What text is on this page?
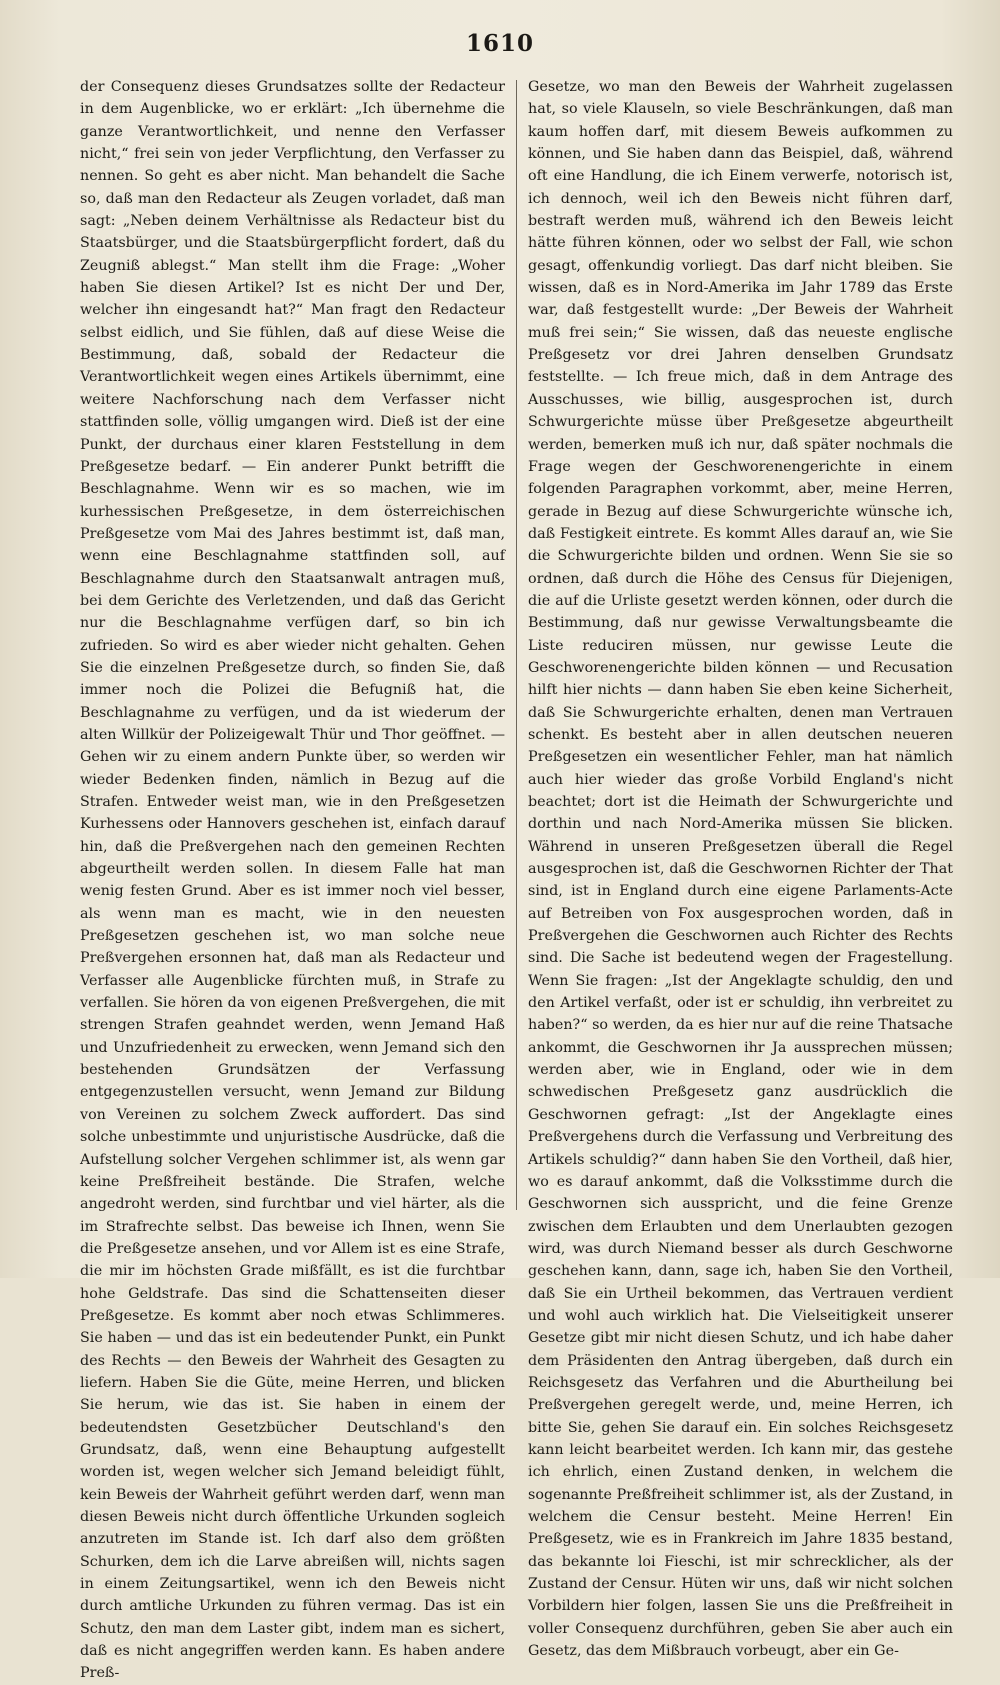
1610

der Consequenz dieses Grundsatzes sollte der Redacteur in dem Augenblicke, wo er erklärt: „Ich übernehme die ganze Verantwortlichkeit, und nenne den Verfasser nicht,“ frei sein von jeder Verpflichtung, den Verfasser zu nennen. So geht es aber nicht. Man behandelt die Sache so, daß man den Redacteur als Zeugen vorladet, daß man sagt: „Neben deinem Verhältnisse als Redacteur bist du Staatsbürger, und die Staatsbürgerpflicht fordert, daß du Zeugniß ablegst.“ Man stellt ihm die Frage: „Woher haben Sie diesen Artikel? Ist es nicht Der und Der, welcher ihn eingesandt hat?“ Man fragt den Redacteur selbst eidlich, und Sie fühlen, daß auf diese Weise die Bestimmung, daß, sobald der Redacteur die Verantwortlichkeit wegen eines Artikels übernimmt, eine weitere Nachforschung nach dem Verfasser nicht stattfinden solle, völlig umgangen wird. Dieß ist der eine Punkt, der durchaus einer klaren Feststellung in dem Preßgesetze bedarf. — Ein anderer Punkt betrifft die Beschlagnahme. Wenn wir es so machen, wie im kurhessischen Preßgesetze, in dem österreichischen Preßgesetze vom Mai des Jahres bestimmt ist, daß man, wenn eine Beschlagnahme stattfinden soll, auf Beschlagnahme durch den Staatsanwalt antragen muß, bei dem Gerichte des Verletzenden, und daß das Gericht nur die Beschlagnahme verfügen darf, so bin ich zufrieden. So wird es aber wieder nicht gehalten. Gehen Sie die einzelnen Preßgesetze durch, so finden Sie, daß immer noch die Polizei die Befugniß hat, die Beschlagnahme zu verfügen, und da ist wiederum der alten Willkür der Polizeigewalt Thür und Thor geöffnet. — Gehen wir zu einem andern Punkte über, so werden wir wieder Bedenken finden, nämlich in Bezug auf die Strafen. Entweder weist man, wie in den Preßgesetzen Kurhessens oder Hannovers geschehen ist, einfach darauf hin, daß die Preßvergehen nach den gemeinen Rechten abgeurtheilt werden sollen. In diesem Falle hat man wenig festen Grund. Aber es ist immer noch viel besser, als wenn man es macht, wie in den neuesten Preßgesetzen geschehen ist, wo man solche neue Preßvergehen ersonnen hat, daß man als Redacteur und Verfasser alle Augenblicke fürchten muß, in Strafe zu verfallen. Sie hören da von eigenen Preßvergehen, die mit strengen Strafen geahndet werden, wenn Jemand Haß und Unzufriedenheit zu erwecken, wenn Jemand sich den bestehenden Grundsätzen der Verfassung entgegenzustellen versucht, wenn Jemand zur Bildung von Vereinen zu solchem Zweck auffordert. Das sind solche unbestimmte und unjuristische Ausdrücke, daß die Aufstellung solcher Vergehen schlimmer ist, als wenn gar keine Preßfreiheit bestände. Die Strafen, welche angedroht werden, sind furchtbar und viel härter, als die im Strafrechte selbst. Das beweise ich Ihnen, wenn Sie die Preßgesetze ansehen, und vor Allem ist es eine Strafe, die mir im höchsten Grade mißfällt, es ist die furchtbar hohe Geldstrafe. Das sind die Schattenseiten dieser Preßgesetze. Es kommt aber noch etwas Schlimmeres. Sie haben — und das ist ein bedeutender Punkt, ein Punkt des Rechts — den Beweis der Wahrheit des Gesagten zu liefern. Haben Sie die Güte, meine Herren, und blicken Sie herum, wie das ist. Sie haben in einem der bedeutendsten Gesetzbücher Deutschland's den Grundsatz, daß, wenn eine Behauptung aufgestellt worden ist, wegen welcher sich Jemand beleidigt fühlt, kein Beweis der Wahrheit geführt werden darf, wenn man diesen Beweis nicht durch öffentliche Urkunden sogleich anzutreten im Stande ist. Ich darf also dem größten Schurken, dem ich die Larve abreißen will, nichts sagen in einem Zeitungsartikel, wenn ich den Beweis nicht durch amtliche Urkunden zu führen vermag. Das ist ein Schutz, den man dem Laster gibt, indem man es sichert, daß es nicht angegriffen werden kann. Es haben andere Preß-

Gesetze, wo man den Beweis der Wahrheit zugelassen hat, so viele Klauseln, so viele Beschränkungen, daß man kaum hoffen darf, mit diesem Beweis aufkommen zu können, und Sie haben dann das Beispiel, daß, während oft eine Handlung, die ich Einem verwerfe, notorisch ist, ich dennoch, weil ich den Beweis nicht führen darf, bestraft werden muß, während ich den Beweis leicht hätte führen können, oder wo selbst der Fall, wie schon gesagt, offenkundig vorliegt. Das darf nicht bleiben. Sie wissen, daß es in Nord-Amerika im Jahr 1789 das Erste war, daß festgestellt wurde: „Der Beweis der Wahrheit muß frei sein;“ Sie wissen, daß das neueste englische Preßgesetz vor drei Jahren denselben Grundsatz feststellte. — Ich freue mich, daß in dem Antrage des Ausschusses, wie billig, ausgesprochen ist, durch Schwurgerichte müsse über Preßgesetze abgeurtheilt werden, bemerken muß ich nur, daß später nochmals die Frage wegen der Geschworenengerichte in einem folgenden Paragraphen vorkommt, aber, meine Herren, gerade in Bezug auf diese Schwurgerichte wünsche ich, daß Festigkeit eintrete. Es kommt Alles darauf an, wie Sie die Schwurgerichte bilden und ordnen. Wenn Sie sie so ordnen, daß durch die Höhe des Census für Diejenigen, die auf die Urliste gesetzt werden können, oder durch die Bestimmung, daß nur gewisse Verwaltungsbeamte die Liste reduciren müssen, nur gewisse Leute die Geschworenengerichte bilden können — und Recusation hilft hier nichts — dann haben Sie eben keine Sicherheit, daß Sie Schwurgerichte erhalten, denen man Vertrauen schenkt. Es besteht aber in allen deutschen neueren Preßgesetzen ein wesentlicher Fehler, man hat nämlich auch hier wieder das große Vorbild England's nicht beachtet; dort ist die Heimath der Schwurgerichte und dorthin und nach Nord-Amerika müssen Sie blicken. Während in unseren Preßgesetzen überall die Regel ausgesprochen ist, daß die Geschwornen Richter der That sind, ist in England durch eine eigene Parlaments-Acte auf Betreiben von Fox ausgesprochen worden, daß in Preßvergehen die Geschwornen auch Richter des Rechts sind. Die Sache ist bedeutend wegen der Fragestellung. Wenn Sie fragen: „Ist der Angeklagte schuldig, den und den Artikel verfaßt, oder ist er schuldig, ihn verbreitet zu haben?“ so werden, da es hier nur auf die reine Thatsache ankommt, die Geschwornen ihr Ja aussprechen müssen; werden aber, wie in England, oder wie in dem schwedischen Preßgesetz ganz ausdrücklich die Geschwornen gefragt: „Ist der Angeklagte eines Preßvergehens durch die Verfassung und Verbreitung des Artikels schuldig?“ dann haben Sie den Vortheil, daß hier, wo es darauf ankommt, daß die Volksstimme durch die Geschwornen sich ausspricht, und die feine Grenze zwischen dem Erlaubten und dem Unerlaubten gezogen wird, was durch Niemand besser als durch Geschworne geschehen kann, dann, sage ich, haben Sie den Vortheil, daß Sie ein Urtheil bekommen, das Vertrauen verdient und wohl auch wirklich hat. Die Vielseitigkeit unserer Gesetze gibt mir nicht diesen Schutz, und ich habe daher dem Präsidenten den Antrag übergeben, daß durch ein Reichsgesetz das Verfahren und die Aburtheilung bei Preßvergehen geregelt werde, und, meine Herren, ich bitte Sie, gehen Sie darauf ein. Ein solches Reichsgesetz kann leicht bearbeitet werden. Ich kann mir, das gestehe ich ehrlich, einen Zustand denken, in welchem die sogenannte Preßfreiheit schlimmer ist, als der Zustand, in welchem die Censur besteht. Meine Herren! Ein Preßgesetz, wie es in Frankreich im Jahre 1835 bestand, das bekannte loi Fieschi, ist mir schrecklicher, als der Zustand der Censur. Hüten wir uns, daß wir nicht solchen Vorbildern hier folgen, lassen Sie uns die Preßfreiheit in voller Consequenz durchführen, geben Sie aber auch ein Gesetz, das dem Mißbrauch vorbeugt, aber ein Ge-
